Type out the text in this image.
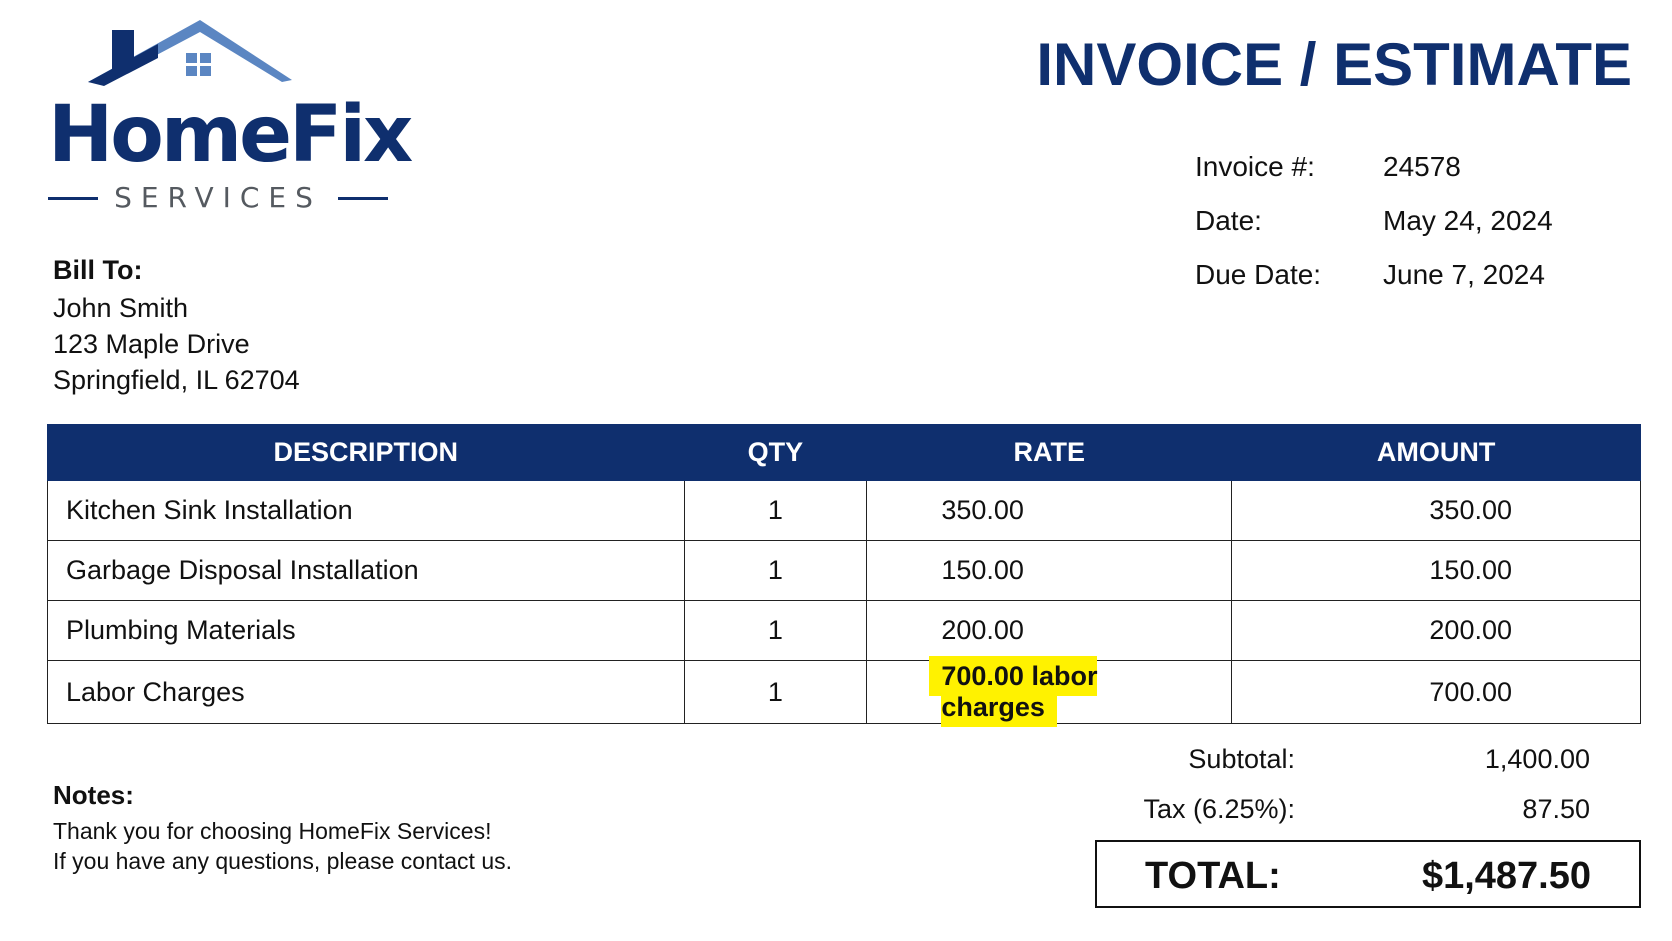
HomeFix
SERVICES
INVOICE / ESTIMATE
Invoice #:	24578
Date:	May 24, 2024
Due Date:	June 7, 2024
Bill To:
John Smith
123 Maple Drive
Springfield, IL 62704
DESCRIPTION	QTY	RATE	AMOUNT
Kitchen Sink Installation	1	350.00	350.00
Garbage Disposal Installation	1	150.00	150.00
Plumbing Materials	1	200.00	200.00
Labor Charges	1	700.00 labor charges	700.00
Subtotal:	1,400.00
Tax (6.25%):	87.50
TOTAL:	$1,487.50
Notes:
Thank you for choosing HomeFix Services!
If you have any questions, please contact us.
